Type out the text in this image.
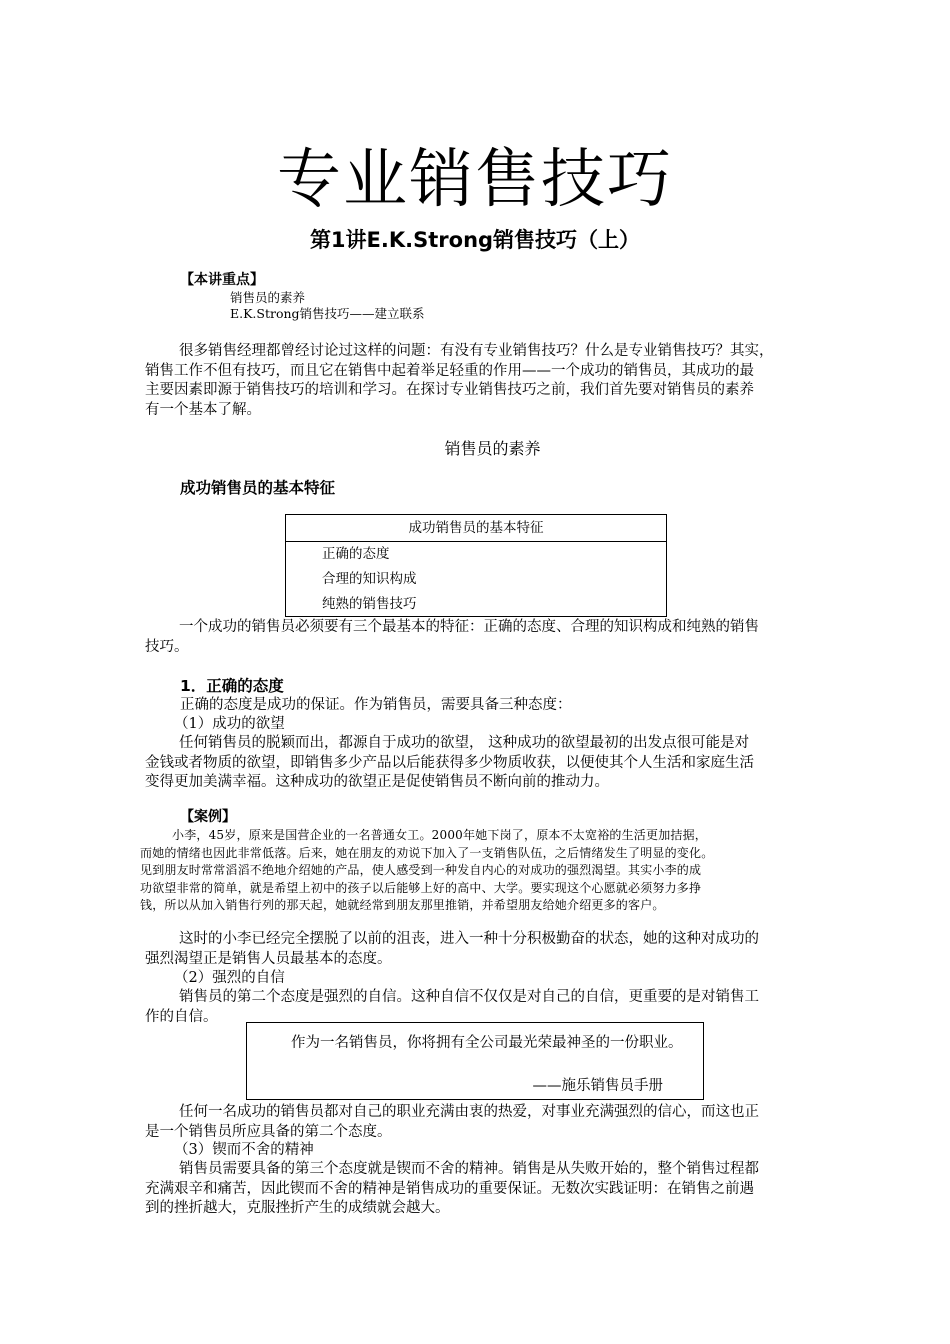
专业销售技巧
第1讲E.K.Strong销售技巧（上）
【本讲重点】
销售员的素养
E.K.Strong销售技巧——建立联系
很多销售经理都曾经讨论过这样的问题：有没有专业销售技巧？什么是专业销售技巧？其实，
销售工作不但有技巧，而且它在销售中起着举足轻重的作用——一个成功的销售员，其成功的最
主要因素即源于销售技巧的培训和学习。在探讨专业销售技巧之前，我们首先要对销售员的素养
有一个基本了解。
销售员的素养
成功销售员的基本特征
成功销售员的基本特征
正确的态度
合理的知识构成
纯熟的销售技巧
一个成功的销售员必须要有三个最基本的特征：正确的态度、合理的知识构成和纯熟的销售
技巧。
1．正确的态度
正确的态度是成功的保证。作为销售员，需要具备三种态度：
（1）成功的欲望
任何销售员的脱颖而出，都源自于成功的欲望， 这种成功的欲望最初的出发点很可能是对
金钱或者物质的欲望，即销售多少产品以后能获得多少物质收获，以便使其个人生活和家庭生活
变得更加美满幸福。这种成功的欲望正是促使销售员不断向前的推动力。
【案例】
小李，45岁，原来是国营企业的一名普通女工。2000年她下岗了，原本不太宽裕的生活更加拮据，
而她的情绪也因此非常低落。后来，她在朋友的劝说下加入了一支销售队伍，之后情绪发生了明显的变化。
见到朋友时常常滔滔不绝地介绍她的产品，使人感受到一种发自内心的对成功的强烈渴望。其实小李的成
功欲望非常的简单，就是希望上初中的孩子以后能够上好的高中、大学。要实现这个心愿就必须努力多挣
钱，所以从加入销售行列的那天起，她就经常到朋友那里推销，并希望朋友给她介绍更多的客户。
这时的小李已经完全摆脱了以前的沮丧，进入一种十分积极勤奋的状态，她的这种对成功的
强烈渴望正是销售人员最基本的态度。
（2）强烈的自信
销售员的第二个态度是强烈的自信。这种自信不仅仅是对自己的自信，更重要的是对销售工
作的自信。
作为一名销售员，你将拥有全公司最光荣最神圣的一份职业。
——施乐销售员手册
任何一名成功的销售员都对自己的职业充满由衷的热爱，对事业充满强烈的信心，而这也正
是一个销售员所应具备的第二个态度。
（3）锲而不舍的精神
销售员需要具备的第三个态度就是锲而不舍的精神。销售是从失败开始的，整个销售过程都
充满艰辛和痛苦，因此锲而不舍的精神是销售成功的重要保证。无数次实践证明：在销售之前遇
到的挫折越大，克服挫折产生的成绩就会越大。
